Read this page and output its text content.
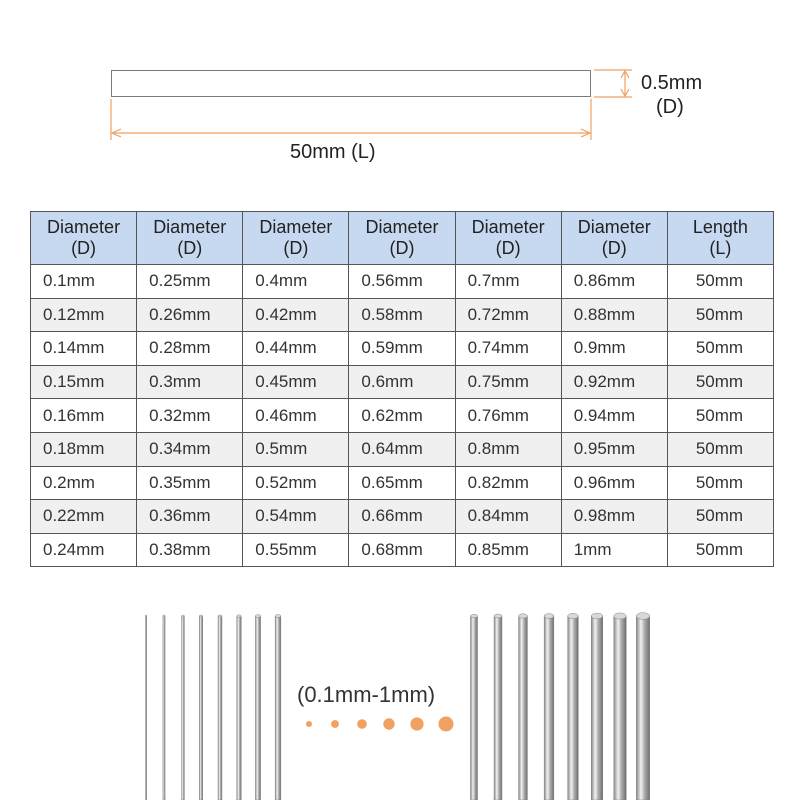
0.5mm
(D)
50mm (L)
Diameter
(D)	Diameter
(D)	Diameter
(D)	Diameter
(D)	Diameter
(D)	Diameter
(D)	Length
(L)
0.1mm	0.25mm	0.4mm	0.56mm	0.7mm	0.86mm	50mm
0.12mm	0.26mm	0.42mm	0.58mm	0.72mm	0.88mm	50mm
0.14mm	0.28mm	0.44mm	0.59mm	0.74mm	0.9mm	50mm
0.15mm	0.3mm	0.45mm	0.6mm	0.75mm	0.92mm	50mm
0.16mm	0.32mm	0.46mm	0.62mm	0.76mm	0.94mm	50mm
0.18mm	0.34mm	0.5mm	0.64mm	0.8mm	0.95mm	50mm
0.2mm	0.35mm	0.52mm	0.65mm	0.82mm	0.96mm	50mm
0.22mm	0.36mm	0.54mm	0.66mm	0.84mm	0.98mm	50mm
0.24mm	0.38mm	0.55mm	0.68mm	0.85mm	1mm	50mm
(0.1mm-1mm)
